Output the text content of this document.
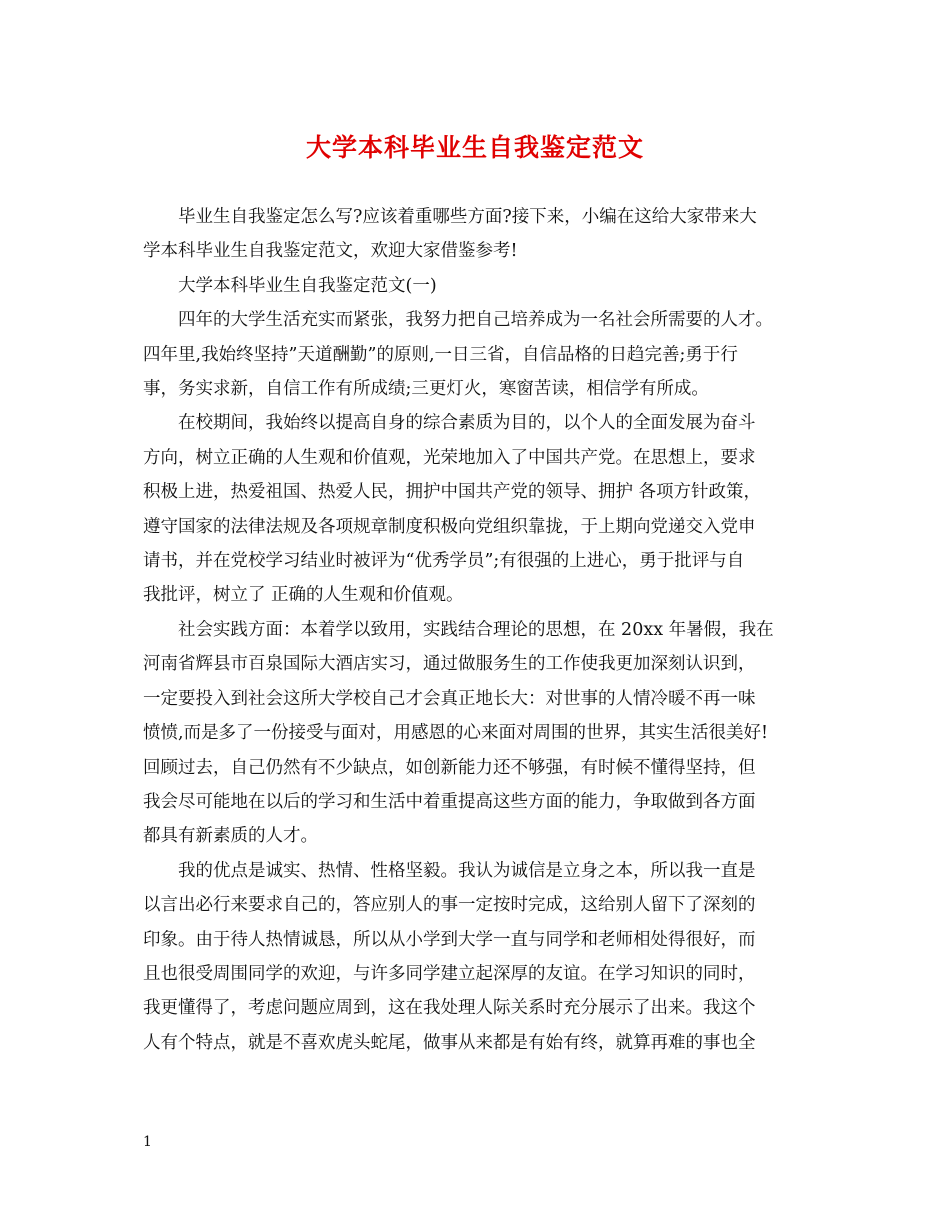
大学本科毕业生自我鉴定范文

毕业生自我鉴定怎么写?应该着重哪些方面?接下来，小编在这给大家带来大
学本科毕业生自我鉴定范文，欢迎大家借鉴参考!

大学本科毕业生自我鉴定范文(一)

四年的大学生活充实而紧张，我努力把自己培养成为一名社会所需要的人才。
四年里,我始终坚持”天道酬勤”的原则,一日三省，自信品格的日趋完善;勇于行
事，务实求新，自信工作有所成绩;三更灯火，寒窗苦读，相信学有所成。

在校期间，我始终以提高自身的综合素质为目的，以个人的全面发展为奋斗
方向，树立正确的人生观和价值观，光荣地加入了中国共产党。在思想上，要求
积极上进，热爱祖国、热爱人民，拥护中国共产党的领导、拥护 各项方针政策，
遵守国家的法律法规及各项规章制度积极向党组织靠拢，于上期向党递交入党申
请书，并在党校学习结业时被评为“优秀学员”;有很强的上进心，勇于批评与自
我批评，树立了 正确的人生观和价值观。

社会实践方面：本着学以致用，实践结合理论的思想，在 20xx 年暑假，我在
河南省辉县市百泉国际大酒店实习，通过做服务生的工作使我更加深刻认识到，
一定要投入到社会这所大学校自己才会真正地长大：对世事的人情冷暖不再一味
愤愤,而是多了一份接受与面对，用感恩的心来面对周围的世界，其实生活很美好!
回顾过去，自己仍然有不少缺点，如创新能力还不够强，有时候不懂得坚持，但
我会尽可能地在以后的学习和生活中着重提高这些方面的能力，争取做到各方面
都具有新素质的人才。

我的优点是诚实、热情、性格坚毅。我认为诚信是立身之本，所以我一直是
以言出必行来要求自己的，答应别人的事一定按时完成，这给别人留下了深刻的
印象。由于待人热情诚恳，所以从小学到大学一直与同学和老师相处得很好，而
且也很受周围同学的欢迎，与许多同学建立起深厚的友谊。在学习知识的同时，
我更懂得了，考虑问题应周到，这在我处理人际关系时充分展示了出来。我这个
人有个特点，就是不喜欢虎头蛇尾，做事从来都是有始有终，就算再难的事也全

1
